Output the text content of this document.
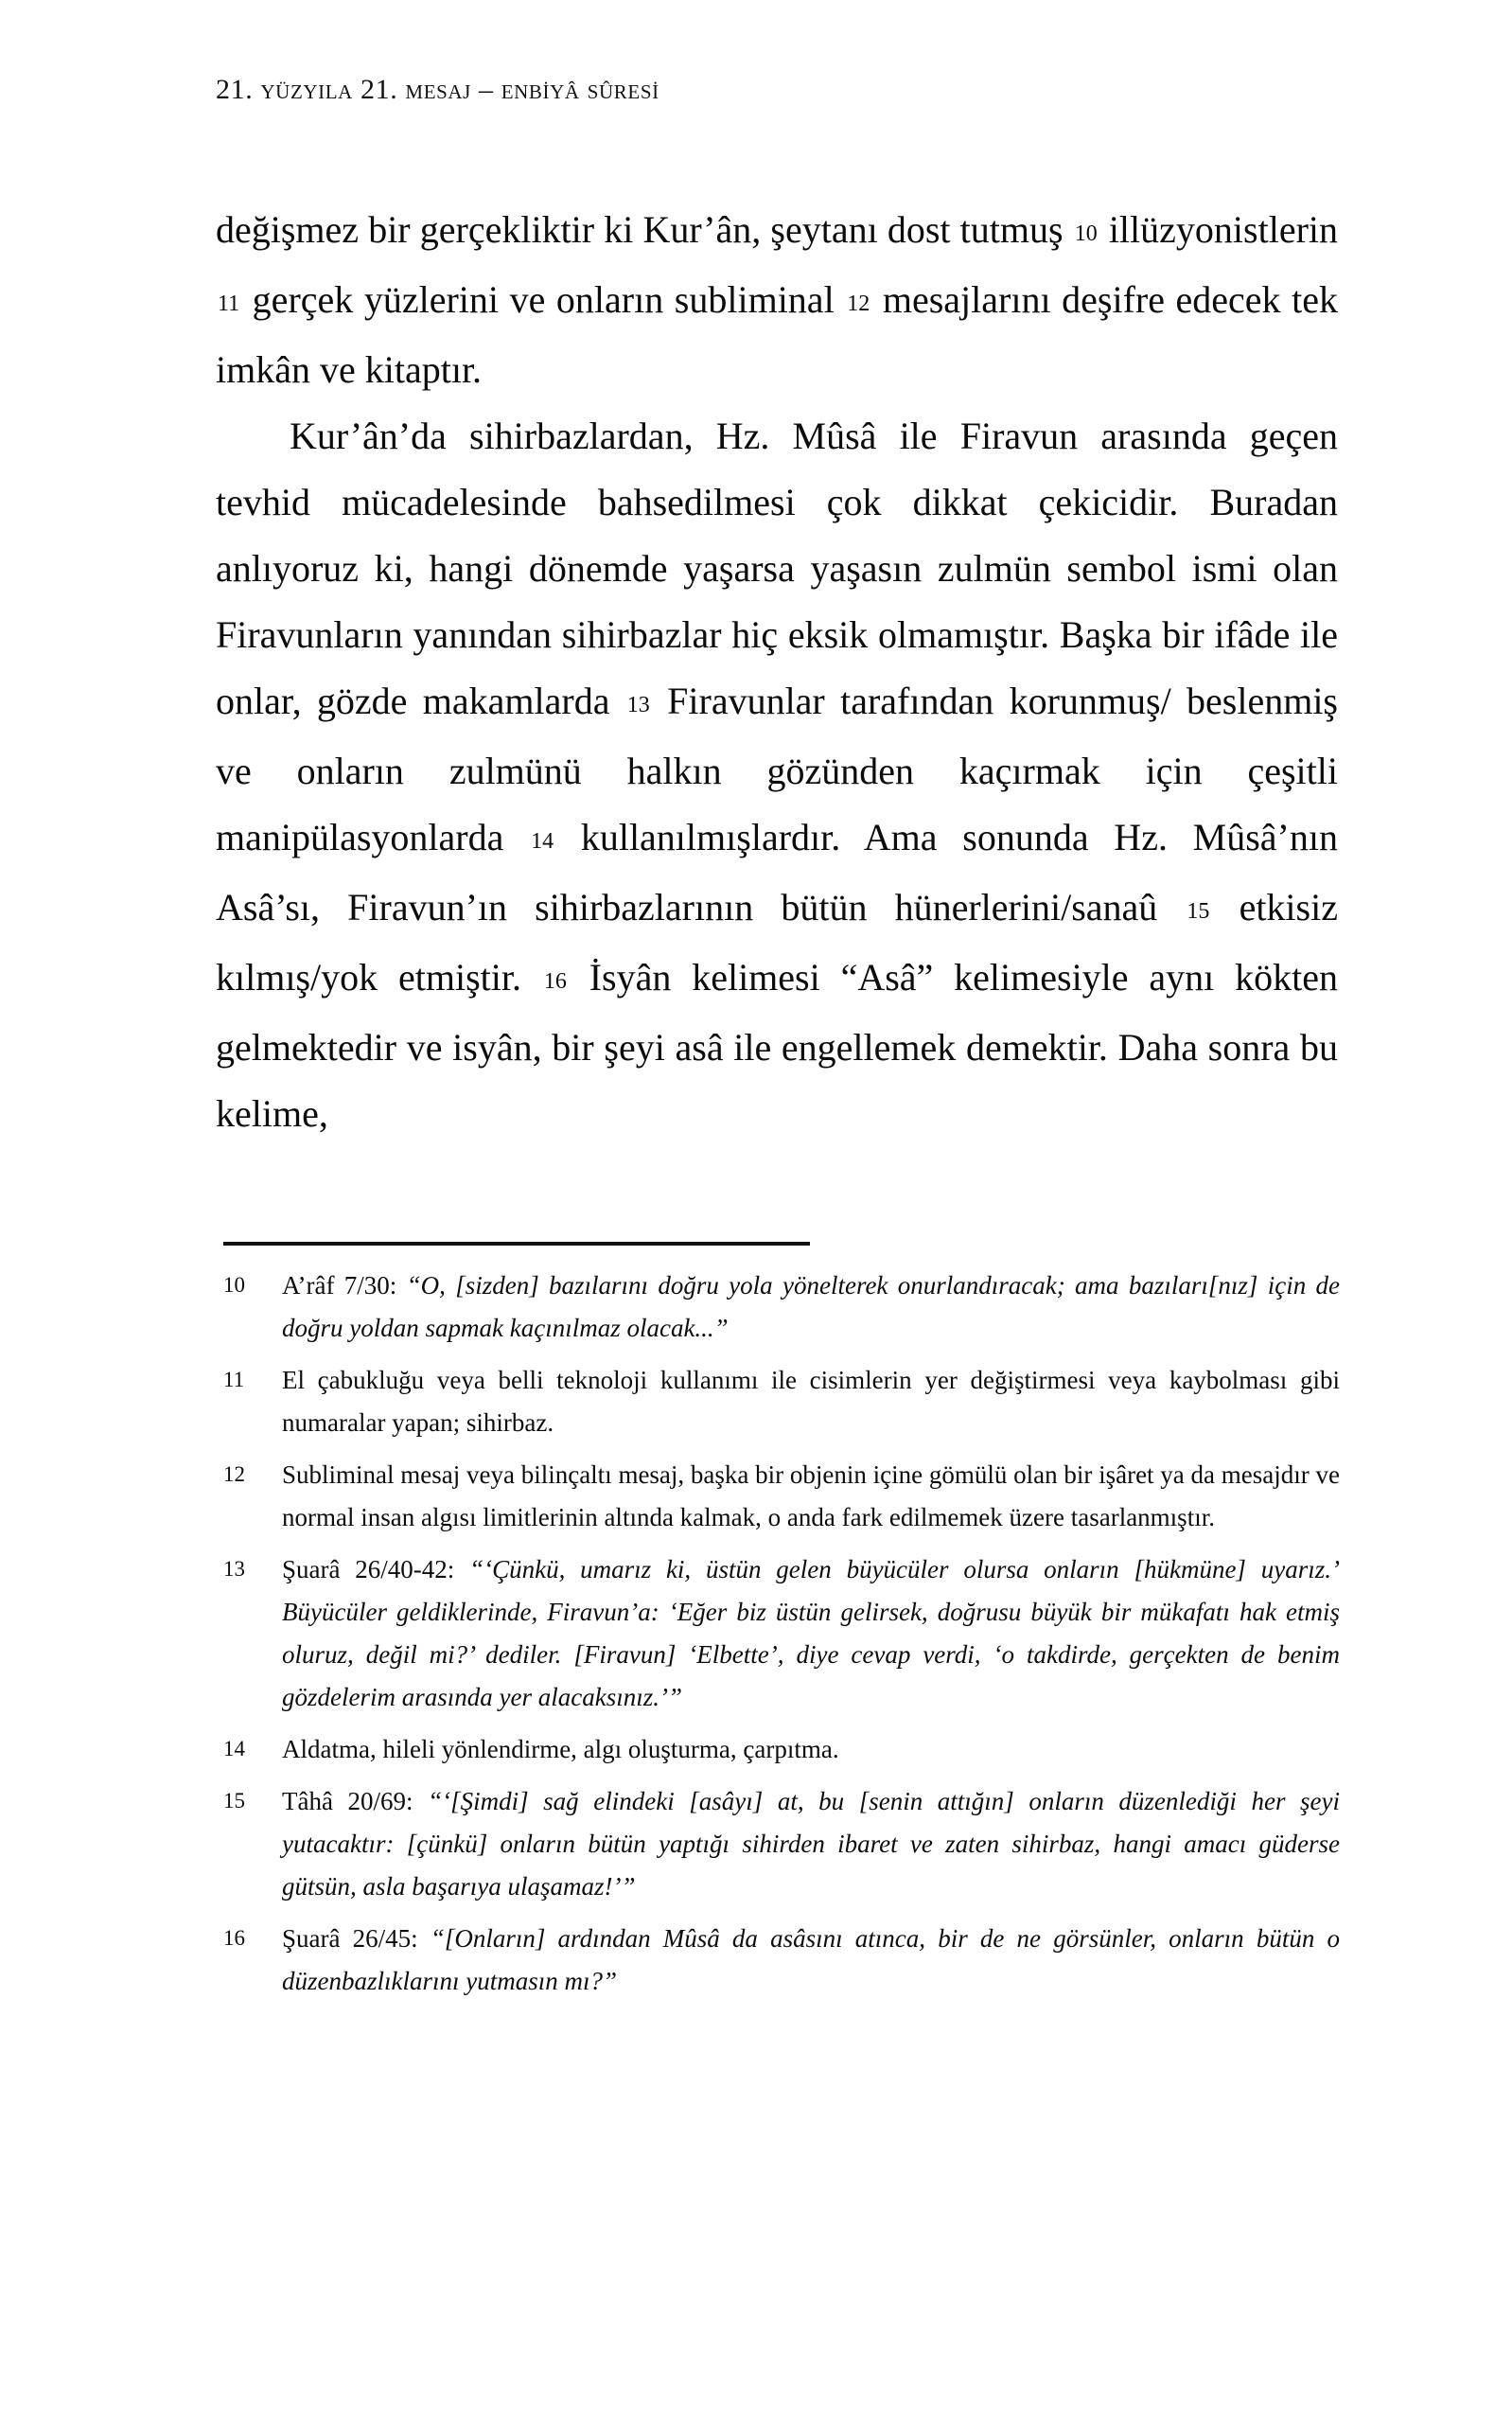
21. yüzyila 21. mesaj – enbi̇yâ sûresi̇

değişmez bir gerçekliktir ki Kur’ân, şeytanı dost tutmuş 10 illüzyonistlerin 11 gerçek yüzlerini ve onların subliminal 12 mesajlarını deşifre edecek tek imkân ve kitaptır.

Kur’ân’da sihirbazlardan, Hz. Mûsâ ile Firavun arasında geçen tevhid mücadelesinde bahsedilmesi çok dikkat çekicidir. Buradan anlıyoruz ki, hangi dönemde yaşarsa yaşasın zulmün sembol ismi olan Firavunların yanından sihirbazlar hiç eksik olmamıştır. Başka bir ifâde ile onlar, gözde makamlarda 13 Firavunlar tarafından korunmuş/ beslenmiş ve onların zulmünü halkın gözünden kaçırmak için çeşitli manipülasyonlarda 14 kullanılmışlardır. Ama sonunda Hz. Mûsâ’nın Asâ’sı, Firavun’ın sihirbazlarının bütün hünerlerini/sanaû 15 etkisiz kılmış/yok etmiştir. 16 İsyân kelimesi “Asâ” kelimesiyle aynı kökten gelmektedir ve isyân, bir şeyi asâ ile engellemek demektir. Daha sonra bu kelime,

10	A’râf 7/30: “O, [sizden] bazılarını doğru yola yönelterek onurlandıracak; ama bazıları[nız] için de doğru yoldan sapmak kaçınılmaz olacak...”
11	El çabukluğu veya belli teknoloji kullanımı ile cisimlerin yer değiştirmesi veya kaybolması gibi numaralar yapan; sihirbaz.
12	Subliminal mesaj veya bilinçaltı mesaj, başka bir objenin içine gömülü olan bir işâret ya da mesajdır ve normal insan algısı limitlerinin altında kalmak, o anda fark edilmemek üzere tasarlanmıştır.
13	Şuarâ 26/40-42: “‘Çünkü, umarız ki, üstün gelen büyücüler olursa onların [hükmüne] uyarız.’ Büyücüler geldiklerinde, Firavun’a: ‘Eğer biz üstün gelirsek, doğrusu büyük bir mükafatı hak etmiş oluruz, değil mi?’ dediler. [Firavun] ‘Elbette’, diye cevap verdi, ‘o takdirde, gerçekten de benim gözdelerim arasında yer alacaksınız.’”
14	Aldatma, hileli yönlendirme, algı oluşturma, çarpıtma.
15	Tâhâ 20/69: “‘[Şimdi] sağ elindeki [asâyı] at, bu [senin attığın] onların düzenlediği her şeyi yutacaktır: [çünkü] onların bütün yaptığı sihirden ibaret ve zaten sihirbaz, hangi amacı güderse gütsün, asla başarıya ulaşamaz!’”
16	Şuarâ 26/45: “[Onların] ardından Mûsâ da asâsını atınca, bir de ne görsünler, onların bütün o düzenbazlıklarını yutmasın mı?”
